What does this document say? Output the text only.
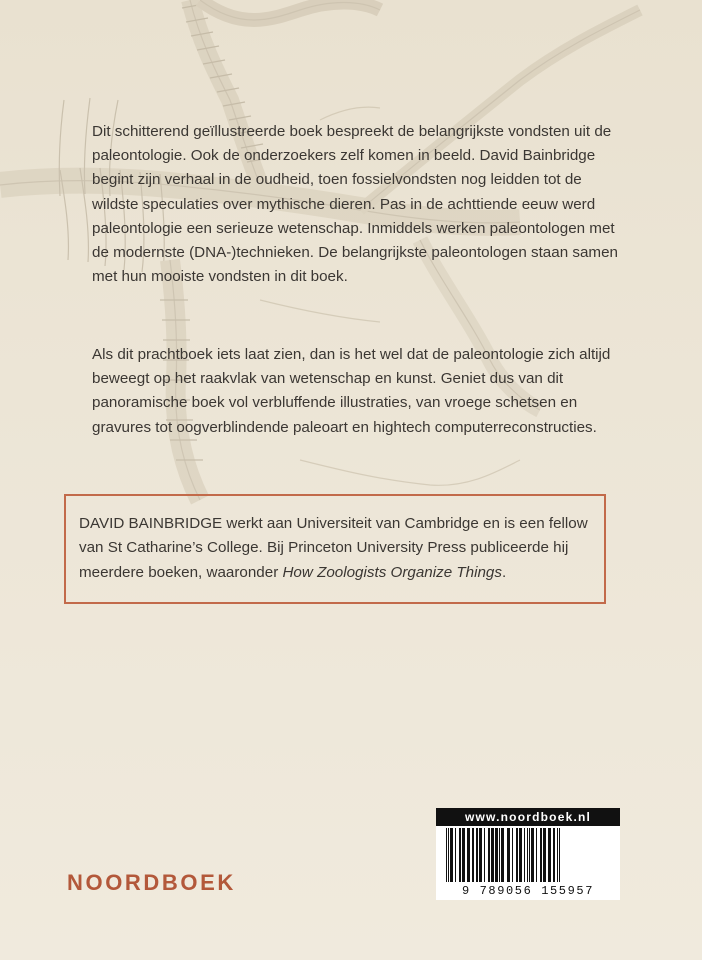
Dit schitterend geïllustreerde boek bespreekt de belangrijkste vondsten uit de paleontologie. Ook de onderzoekers zelf komen in beeld. David Bainbridge begint zijn verhaal in de oudheid, toen fossielvondsten nog leidden tot de wildste speculaties over mythische dieren. Pas in de achttiende eeuw werd paleontologie een serieuze wetenschap. Inmiddels werken paleontologen met de modernste (DNA-)technieken. De belangrijkste paleontologen staan samen met hun mooiste vondsten in dit boek.

Als dit prachtboek iets laat zien, dan is het wel dat de paleontologie zich altijd beweegt op het raakvlak van wetenschap en kunst. Geniet dus van dit panoramische boek vol verbluffende illustraties, van vroege schetsen en gravures tot oogverblindende paleoart en hightech computerreconstructies.

DAVID BAINBRIDGE werkt aan Universiteit van Cambridge en is een fellow van St Catharine’s College. Bij Princeton University Press publiceerde hij meerdere boeken, waaronder How Zoologists Organize Things.
NOORDBOEK
www.noordboek.nl
9 789056 155957
